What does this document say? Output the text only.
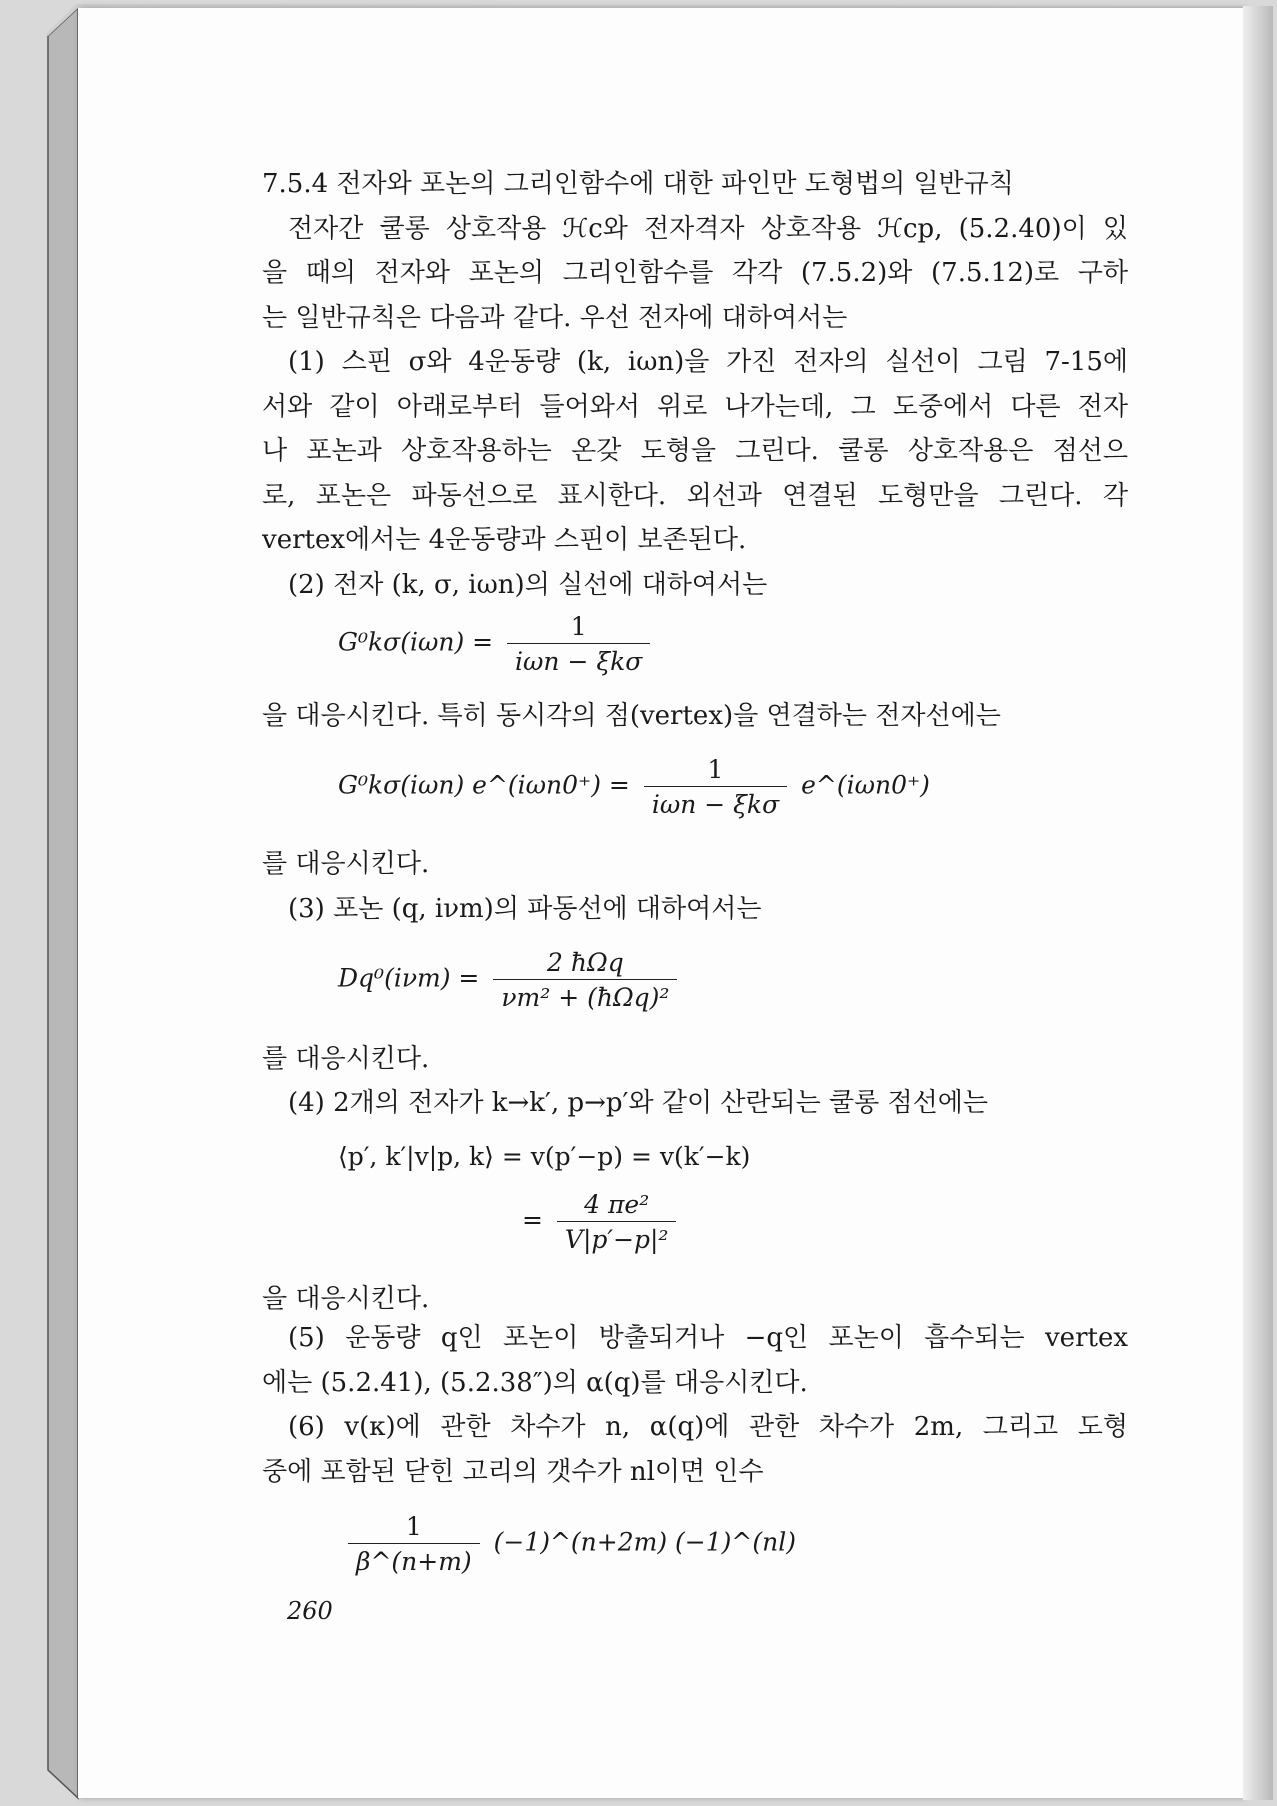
7.5.4 전자와 포논의 그리인함수에 대한 파인만 도형법의 일반규칙
전자간 쿨롱 상호작용 ℋc와 전자격자 상호작용 ℋcp, (5.2.40)이 있
을 때의 전자와 포논의 그리인함수를 각각 (7.5.2)와 (7.5.12)로 구하
는 일반규칙은 다음과 같다. 우선 전자에 대하여서는
(1) 스핀 σ와 4운동량 (k, iωn)을 가진 전자의 실선이 그림 7-15에
서와 같이 아래로부터 들어와서 위로 나가는데, 그 도중에서 다른 전자
나 포논과 상호작용하는 온갖 도형을 그린다. 쿨롱 상호작용은 점선으
로, 포논은 파동선으로 표시한다. 외선과 연결된 도형만을 그린다. 각
vertex에서는 4운동량과 스핀이 보존된다.
(2) 전자 (k, σ, iωn)의 실선에 대하여서는
$G^0k\sigma(i\omega n) = \frac{1}{\text{iωn − ξkσ}}$
을 대응시킨다. 특히 동시각의 점(vertex)을 연결하는 전자선에는
G⁰kσ(iωn) e^(iωn0⁺) = $\frac{1}{\text{iωn − ξkσ}}$ e^(iωn0⁺)
를 대응시킨다.
(3) 포논 (q, iνm)의 파동선에 대하여서는
$Dq^0(i\nu m) = \frac{\text{2 ħΩq}}{\text{νm² + (ħΩq)²}}$
를 대응시킨다.
(4) 2개의 전자가 k→k′, p→p′와 같이 산란되는 쿨롱 점선에는
⟨p′, k′|v|p, k⟩ = v(p′−p) = v(k′−k)
= $\frac{\text{4 πe²}}{\text{V|p′−p|²}}$
을 대응시킨다.
(5) 운동량 q인 포논이 방출되거나 −q인 포논이 흡수되는 vertex
에는 (5.2.41), (5.2.38″)의 α(q)를 대응시킨다.
(6) v(κ)에 관한 차수가 n, α(q)에 관한 차수가 2m, 그리고 도형
중에 포함된 닫힌 고리의 갯수가 nl이면 인수
$\frac{1}{\beta\^{}(n+m)}$ (−1)^(n+2m) (−1)^(nl)
260
